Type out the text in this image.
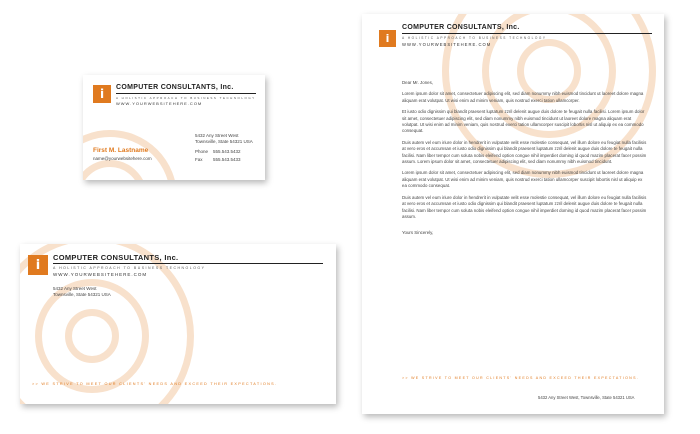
i COMPUTER CONSULTANTS, Inc.
A HOLISTIC APPROACH TO BUSINESS TECHNOLOGY
WWW.YOURWEBSITEHERE.COM
5432 Any Street West
Townsville, State 54321 USA
Phone 555.543.5432
Fax 555.543.5433
First M. Lastname
name@yourwebsitehere.com
i COMPUTER CONSULTANTS, Inc.
A HOLISTIC APPROACH TO BUSINESS TECHNOLOGY
WWW.YOURWEBSITEHERE.COM
5432 Any Street West
Townsville, State 54321 USA
>> WE STRIVE TO MEET OUR CLIENTS' NEEDS AND EXCEED THEIR EXPECTATIONS.
i
COMPUTER CONSULTANTS, Inc.
A HOLISTIC APPROACH TO BUSINESS TECHNOLOGY
WWW.YOURWEBSITEHERE.COM

Dear Mr. Jones,

Lorem ipsum dolor sit amet, consectetuer adipiscing elit, sed diam nonummy nibh euismod tincidunt ut laoreet dolore magna aliquam erat volutpat. Ut wisi enim ad minim veniam, quis nostrud exerci tation ullamcorper.

Et iusto odio dignissim qui blandit praesent luptatum zzril delenit augue duis dolore te feugait nulla facilisi. Lorem ipsum dolor sit amet, consectetuer adipiscing elit, sed diam nonummy nibh euismod tincidunt ut laoreet dolore magna aliquam erat volutpat. Ut wisi enim ad minim veniam, quis nostrud exerci tation ullamcorper suscipit lobortis nisl ut aliquip ex ea commodo consequat.

Duis autem vel eum iriure dolor in hendrerit in vulputate velit esse molestie consequat, vel illum dolore eu feugiat nulla facilisis at vero eros et accumsan et iusto odio dignissim qui blandit praesent luptatum zzril delenit augue duis dolore te feugait nulla facilisi. Nam liber tempor cum soluta nobis eleifend option congue nihil imperdiet doming id quod mazim placerat facer possim assum. Lorem ipsum dolor sit amet, consectetuer adipiscing elit, sed diam nonummy nibh euismod tincidunt.

Lorem ipsum dolor sit amet, consectetuer adipiscing elit, sed diam nonummy nibh euismod tincidunt ut laoreet dolore magna aliquam erat volutpat. Ut wisi enim ad minim veniam, quis nostrud exerci tation ullamcorper suscipit lobortis nisl ut aliquip ex ea commodo consequat.

Duis autem vel eum iriure dolor in hendrerit in vulputate velit esse molestie consequat, vel illum dolore eu feugiat nulla facilisis at vero eros et accumsan et iusto odio dignissim qui blandit praesent luptatum zzril delenit augue duis dolore te feugait nulla facilisi. Nam liber tempor cum soluta nobis eleifend option congue nihil imperdiet doming id quod mazim placerat facer possim assum.

Yours Sincerely,

>> WE STRIVE TO MEET OUR CLIENTS' NEEDS AND EXCEED THEIR EXPECTATIONS.
5432 Any Street West, Townsville, State 54321 USA
